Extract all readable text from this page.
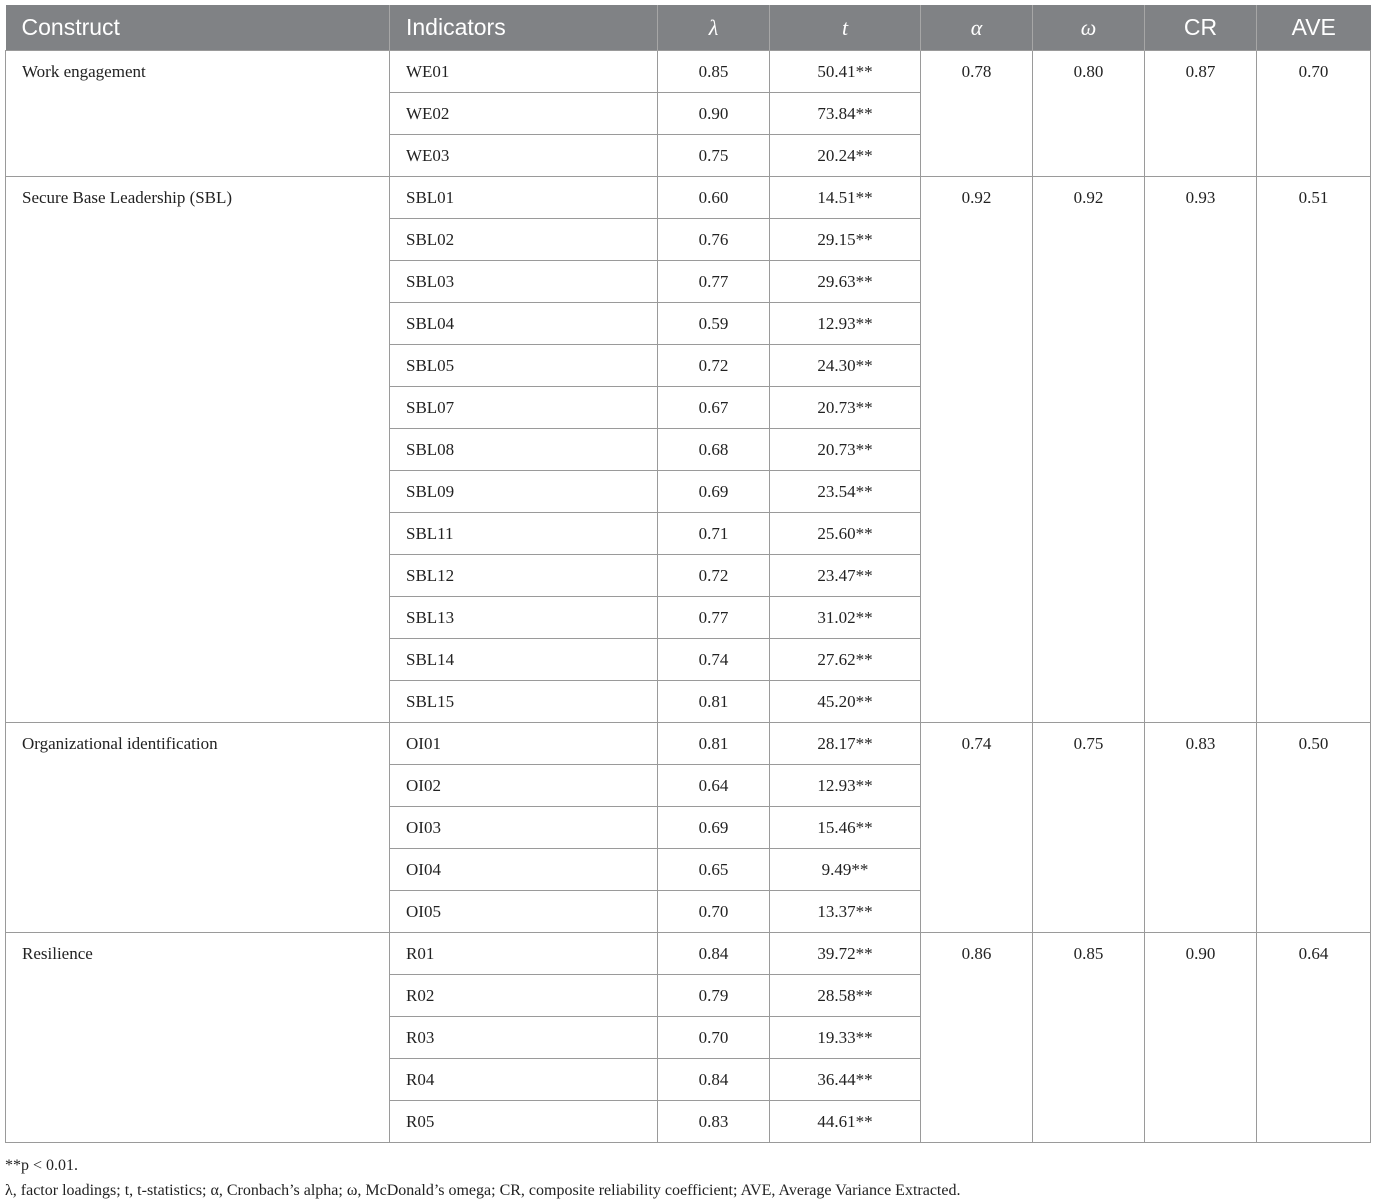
Construct	Indicators	λ	t	α	ω	CR	AVE
Work engagement	WE01	0.85	50.41**	0.78	0.80	0.87	0.70
	WE02	0.90	73.84**				
	WE03	0.75	20.24**				
Secure Base Leadership (SBL)	SBL01	0.60	14.51**	0.92	0.92	0.93	0.51
	SBL02	0.76	29.15**				
	SBL03	0.77	29.63**				
	SBL04	0.59	12.93**				
	SBL05	0.72	24.30**				
	SBL07	0.67	20.73**				
	SBL08	0.68	20.73**				
	SBL09	0.69	23.54**				
	SBL11	0.71	25.60**				
	SBL12	0.72	23.47**				
	SBL13	0.77	31.02**				
	SBL14	0.74	27.62**				
	SBL15	0.81	45.20**				
Organizational identification	OI01	0.81	28.17**	0.74	0.75	0.83	0.50
	OI02	0.64	12.93**				
	OI03	0.69	15.46**				
	OI04	0.65	9.49**				
	OI05	0.70	13.37**				
Resilience	R01	0.84	39.72**	0.86	0.85	0.90	0.64
	R02	0.79	28.58**				
	R03	0.70	19.33**				
	R04	0.84	36.44**				
	R05	0.83	44.61**				
**p < 0.01.
λ, factor loadings; t, t-statistics; α, Cronbach’s alpha; ω, McDonald’s omega; CR, composite reliability coefficient; AVE, Average Variance Extracted.
